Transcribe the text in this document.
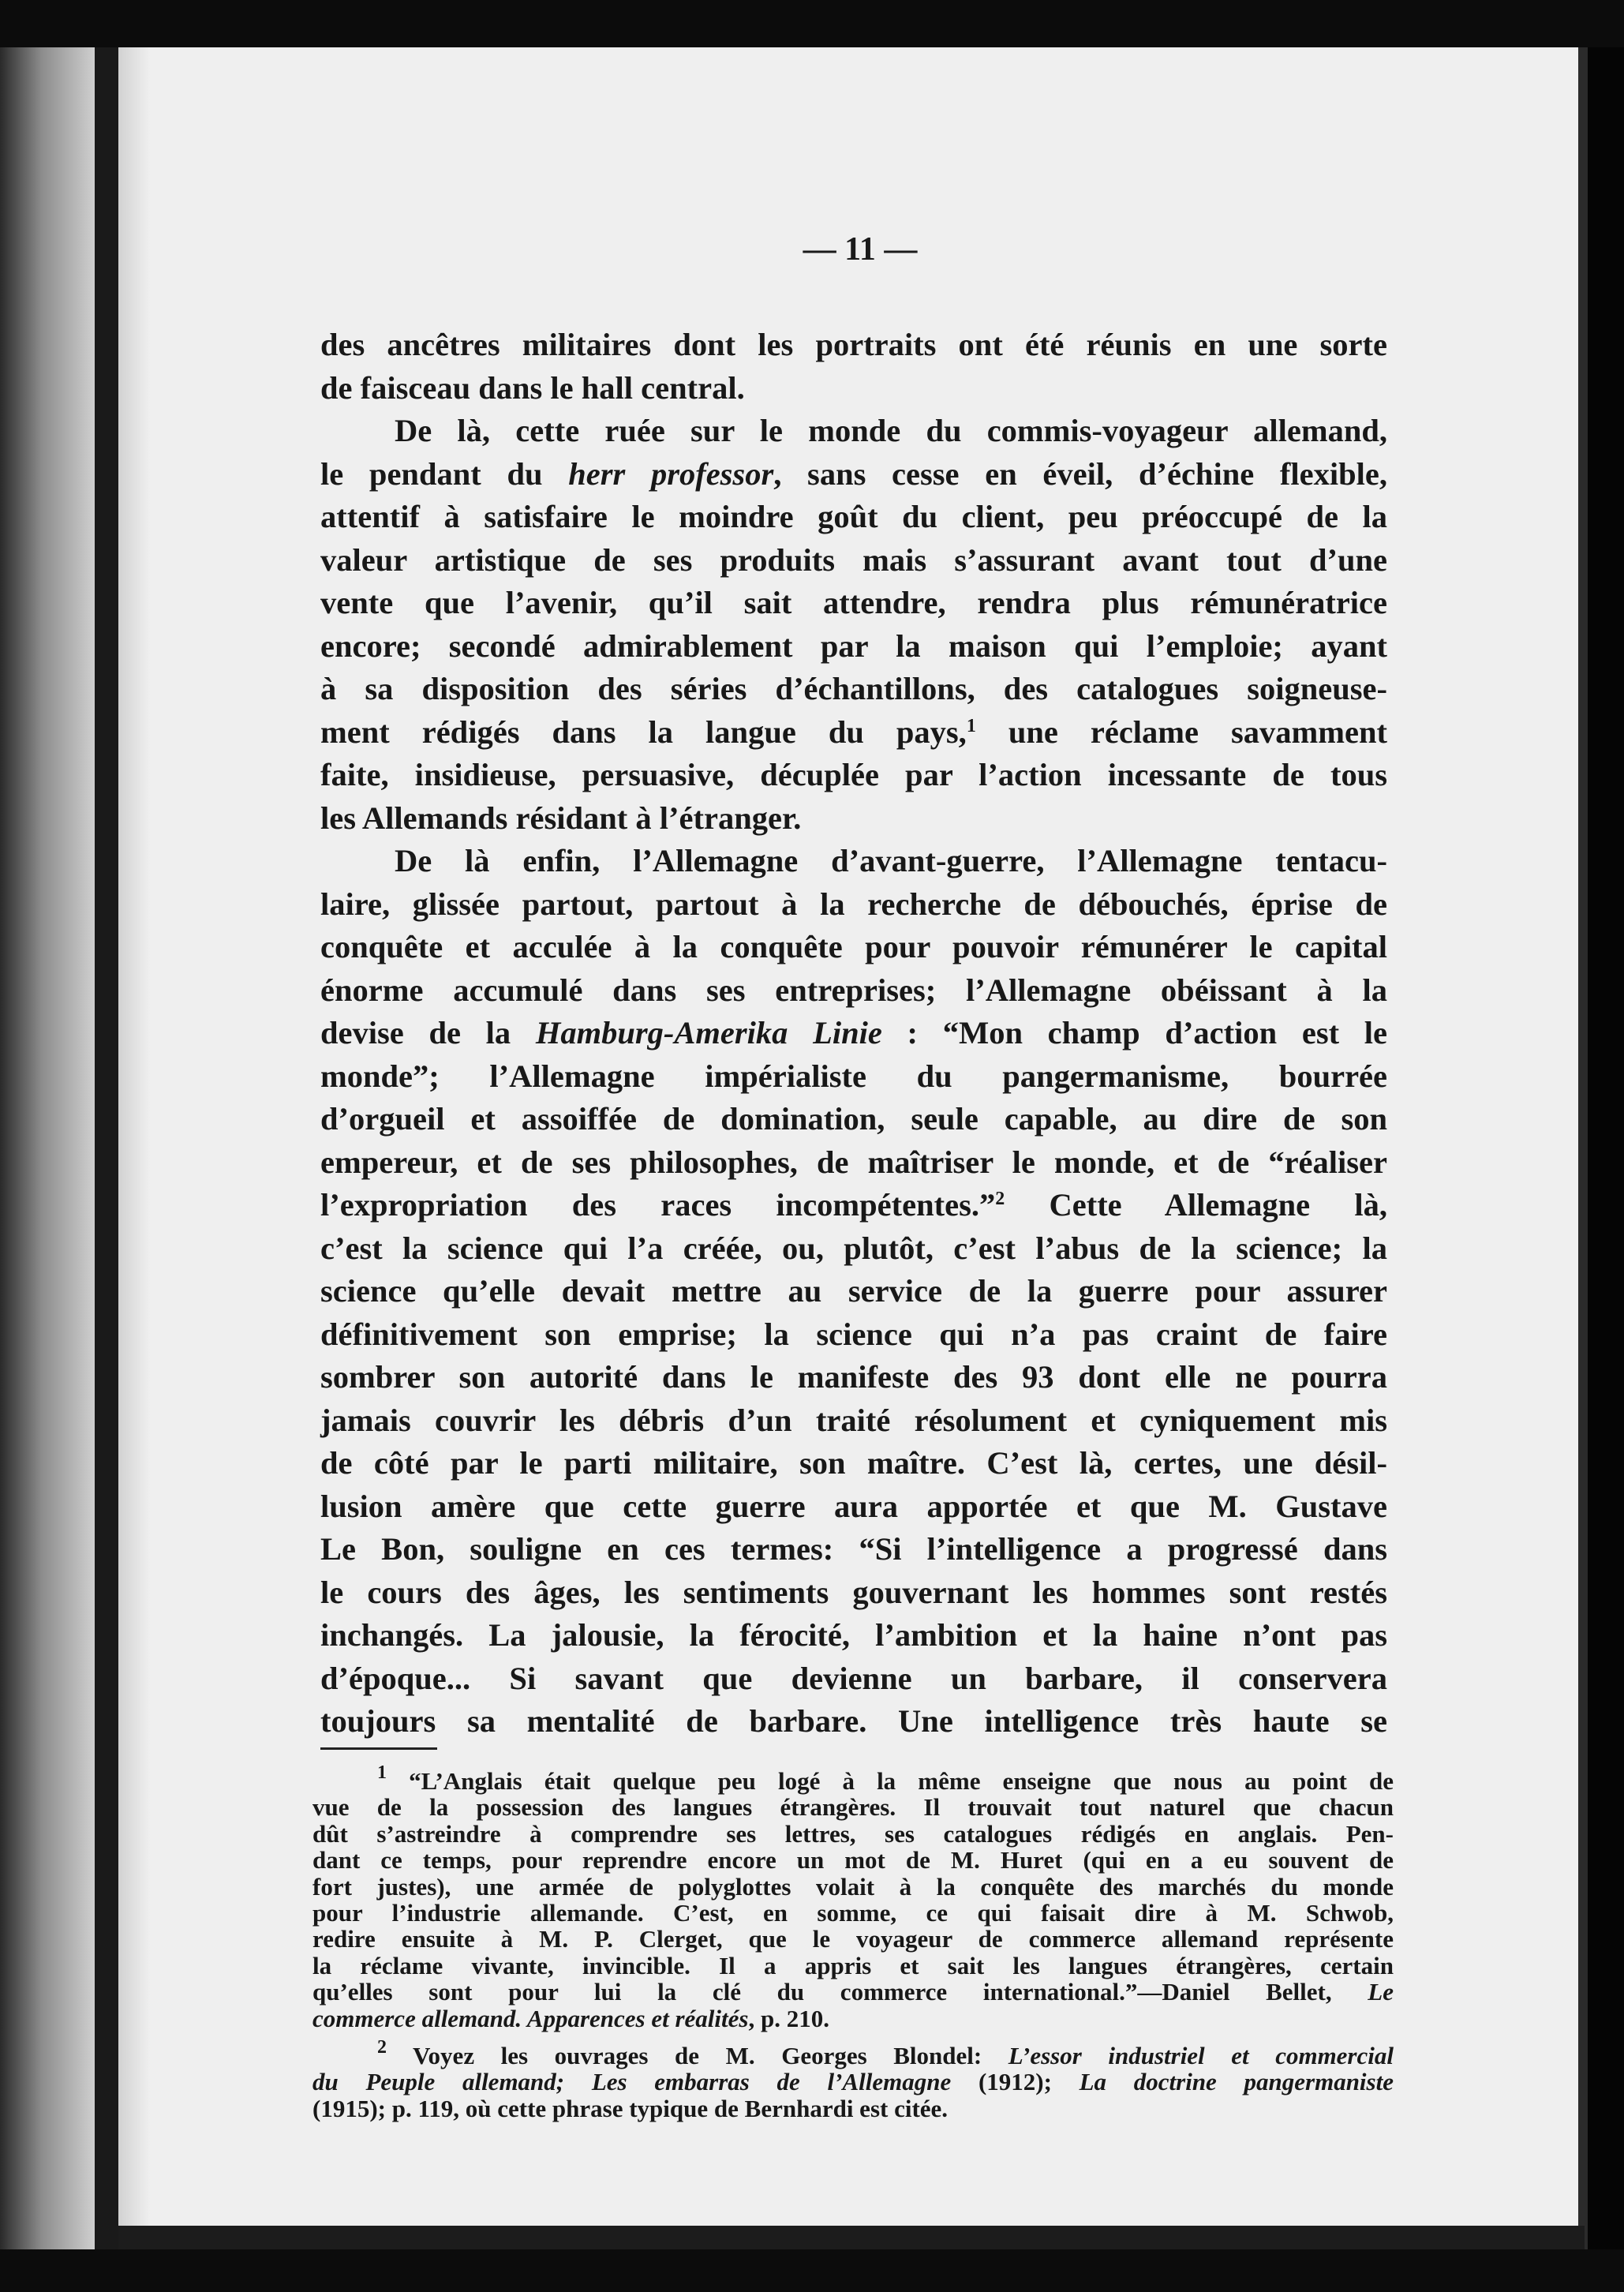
— 11 —
des ancêtres militaires dont les portraits ont été réunis en une sorte
de faisceau dans le hall central.
De là, cette ruée sur le monde du commis-voyageur allemand,
le pendant du herr professor, sans cesse en éveil, d’échine flexible,
attentif à satisfaire le moindre goût du client, peu préoccupé de la
valeur artistique de ses produits mais s’assurant avant tout d’une
vente que l’avenir, qu’il sait attendre, rendra plus rémunératrice
encore; secondé admirablement par la maison qui l’emploie; ayant
à sa disposition des séries d’échantillons, des catalogues soigneuse-
ment rédigés dans la langue du pays,$^1$ une réclame savamment
faite, insidieuse, persuasive, décuplée par l’action incessante de tous
les Allemands résidant à l’étranger.
De là enfin, l’Allemagne d’avant-guerre, l’Allemagne tentacu-
laire, glissée partout, partout à la recherche de débouchés, éprise de
conquête et acculée à la conquête pour pouvoir rémunérer le capital
énorme accumulé dans ses entreprises; l’Allemagne obéissant à la
devise de la Hamburg-Amerika Linie : “Mon champ d’action est le
monde”; l’Allemagne impérialiste du pangermanisme, bourrée
d’orgueil et assoiffée de domination, seule capable, au dire de son
empereur, et de ses philosophes, de maîtriser le monde, et de “réaliser
l’expropriation des races incompétentes.”$^2$ Cette Allemagne là,
c’est la science qui l’a créée, ou, plutôt, c’est l’abus de la science; la
science qu’elle devait mettre au service de la guerre pour assurer
définitivement son emprise; la science qui n’a pas craint de faire
sombrer son autorité dans le manifeste des 93 dont elle ne pourra
jamais couvrir les débris d’un traité résolument et cyniquement mis
de côté par le parti militaire, son maître. C’est là, certes, une désil-
lusion amère que cette guerre aura apportée et que M. Gustave
Le Bon, souligne en ces termes: “Si l’intelligence a progressé dans
le cours des âges, les sentiments gouvernant les hommes sont restés
inchangés. La jalousie, la férocité, l’ambition et la haine n’ont pas
d’époque... Si savant que devienne un barbare, il conservera
toujours sa mentalité de barbare. Une intelligence très haute se
$^1$ “L’Anglais était quelque peu logé à la même enseigne que nous au point de
vue de la possession des langues étrangères. Il trouvait tout naturel que chacun
dût s’astreindre à comprendre ses lettres, ses catalogues rédigés en anglais. Pen-
dant ce temps, pour reprendre encore un mot de M. Huret (qui en a eu souvent de
fort justes), une armée de polyglottes volait à la conquête des marchés du monde
pour l’industrie allemande. C’est, en somme, ce qui faisait dire à M. Schwob,
redire ensuite à M. P. Clerget, que le voyageur de commerce allemand représente
la réclame vivante, invincible. Il a appris et sait les langues étrangères, certain
qu’elles sont pour lui la clé du commerce international.”—Daniel Bellet, Le
commerce allemand. Apparences et réalités, p. 210.
$^2$ Voyez les ouvrages de M. Georges Blondel: L’essor industriel et commercial
du Peuple allemand; Les embarras de l’Allemagne (1912); La doctrine pangermaniste
(1915); p. 119, où cette phrase typique de Bernhardi est citée.
